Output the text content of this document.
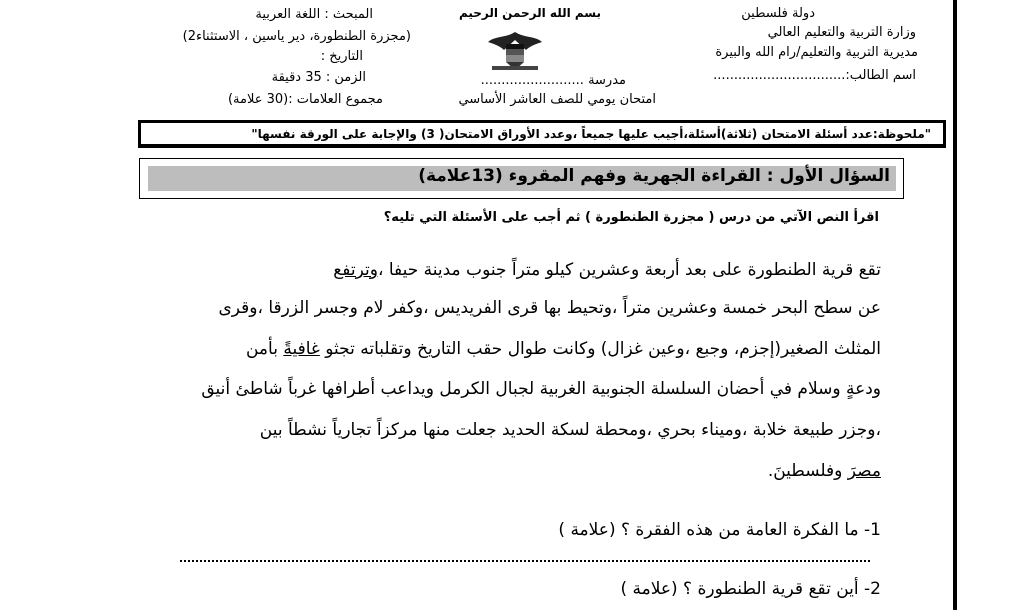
دولة فلسطين
وزارة التربية والتعليم العالي
مديرية التربية والتعليم/رام الله والبيرة
اسم الطالب:................................
بسم الله الرحمن الرحيم
مدرسة .........................
امتحان يومي للصف العاشر الأساسي
المبحث : اللغة العربية
(مجزرة الطنطورة، دير ياسين ، الاستثناء2)
التاريخ :
الزمن : 35 دقيقة
مجموع العلامات :(30 علامة)
"ملحوظة:عدد أسئلة الامتحان (ثلاثة)أسئلة،أجيب عليها جميعاً ،وعدد الأوراق الامتحان( 3) والإجابة على الورقة نفسها"
السؤال الأول : القراءة الجهرية وفهم المقروء (13علامة)
اقرأ النص الآتي من درس ( مجزرة الطنطورة ) ثم أجب على الأسئلة التي تليه؟
تقع قرية الطنطورة على بعد أربعة وعشرين كيلو متراً جنوب مدينة حيفا ،وترتفع
عن سطح البحر خمسة وعشرين متراً ،وتحيط بها قرى الفريديس ،وكفر لام وجسر الزرقا ،وقرى
المثلث الصغير(إجزم، وجبع ،وعين غزال) وكانت طوال حقب التاريخ وتقلباته تجثو غافيةً بأمن
ودعةٍ وسلام في أحضان السلسلة الجنوبية الغربية لجبال الكرمل ويداعب أطرافها غرباً شاطئ أنيق
،وجزر طبيعة خلابة ،وميناء بحري ،ومحطة لسكة الحديد جعلت منها مركزاً تجارياً نشطاً بين
مصرَ وفلسطينَ.
1- ما الفكرة العامة من هذه الفقرة ؟ (علامة )
2- أين تقع قرية الطنطورة ؟ (علامة )
